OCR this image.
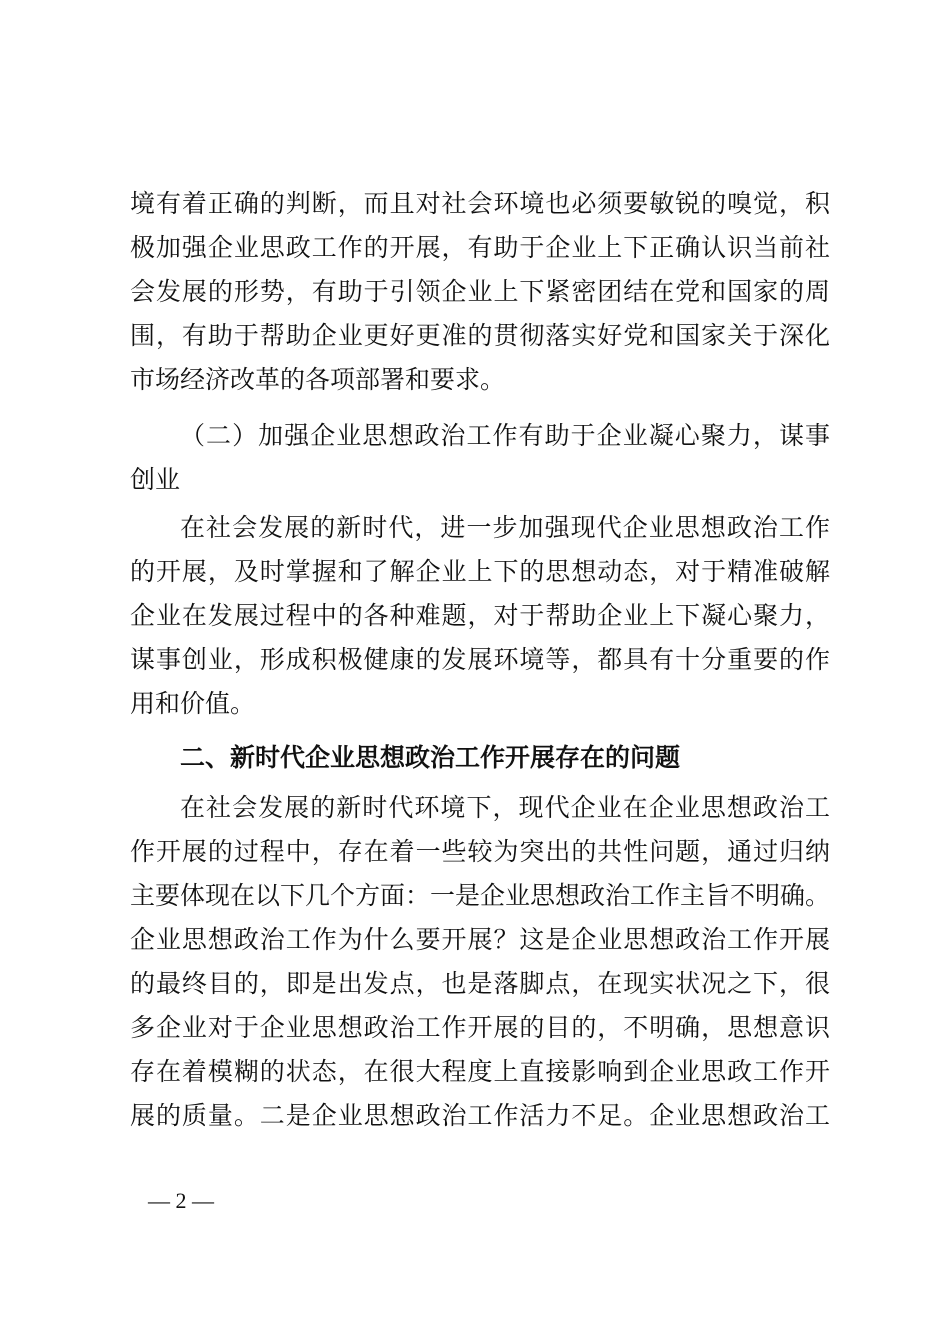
境有着正确的判断，而且对社会环境也必须要敏锐的嗅觉，积
极加强企业思政工作的开展，有助于企业上下正确认识当前社
会发展的形势，有助于引领企业上下紧密团结在党和国家的周
围，有助于帮助企业更好更准的贯彻落实好党和国家关于深化
市场经济改革的各项部署和要求。
（二）加强企业思想政治工作有助于企业凝心聚力，谋事
创业
在社会发展的新时代，进一步加强现代企业思想政治工作
的开展，及时掌握和了解企业上下的思想动态，对于精准破解
企业在发展过程中的各种难题，对于帮助企业上下凝心聚力，
谋事创业，形成积极健康的发展环境等，都具有十分重要的作
用和价值。
二、新时代企业思想政治工作开展存在的问题
在社会发展的新时代环境下，现代企业在企业思想政治工
作开展的过程中，存在着一些较为突出的共性问题，通过归纳
主要体现在以下几个方面：一是企业思想政治工作主旨不明确。
企业思想政治工作为什么要开展？这是企业思想政治工作开展
的最终目的，即是出发点，也是落脚点，在现实状况之下，很
多企业对于企业思想政治工作开展的目的，不明确，思想意识
存在着模糊的状态，在很大程度上直接影响到企业思政工作开
展的质量。二是企业思想政治工作活力不足。企业思想政治工
— 2 —
